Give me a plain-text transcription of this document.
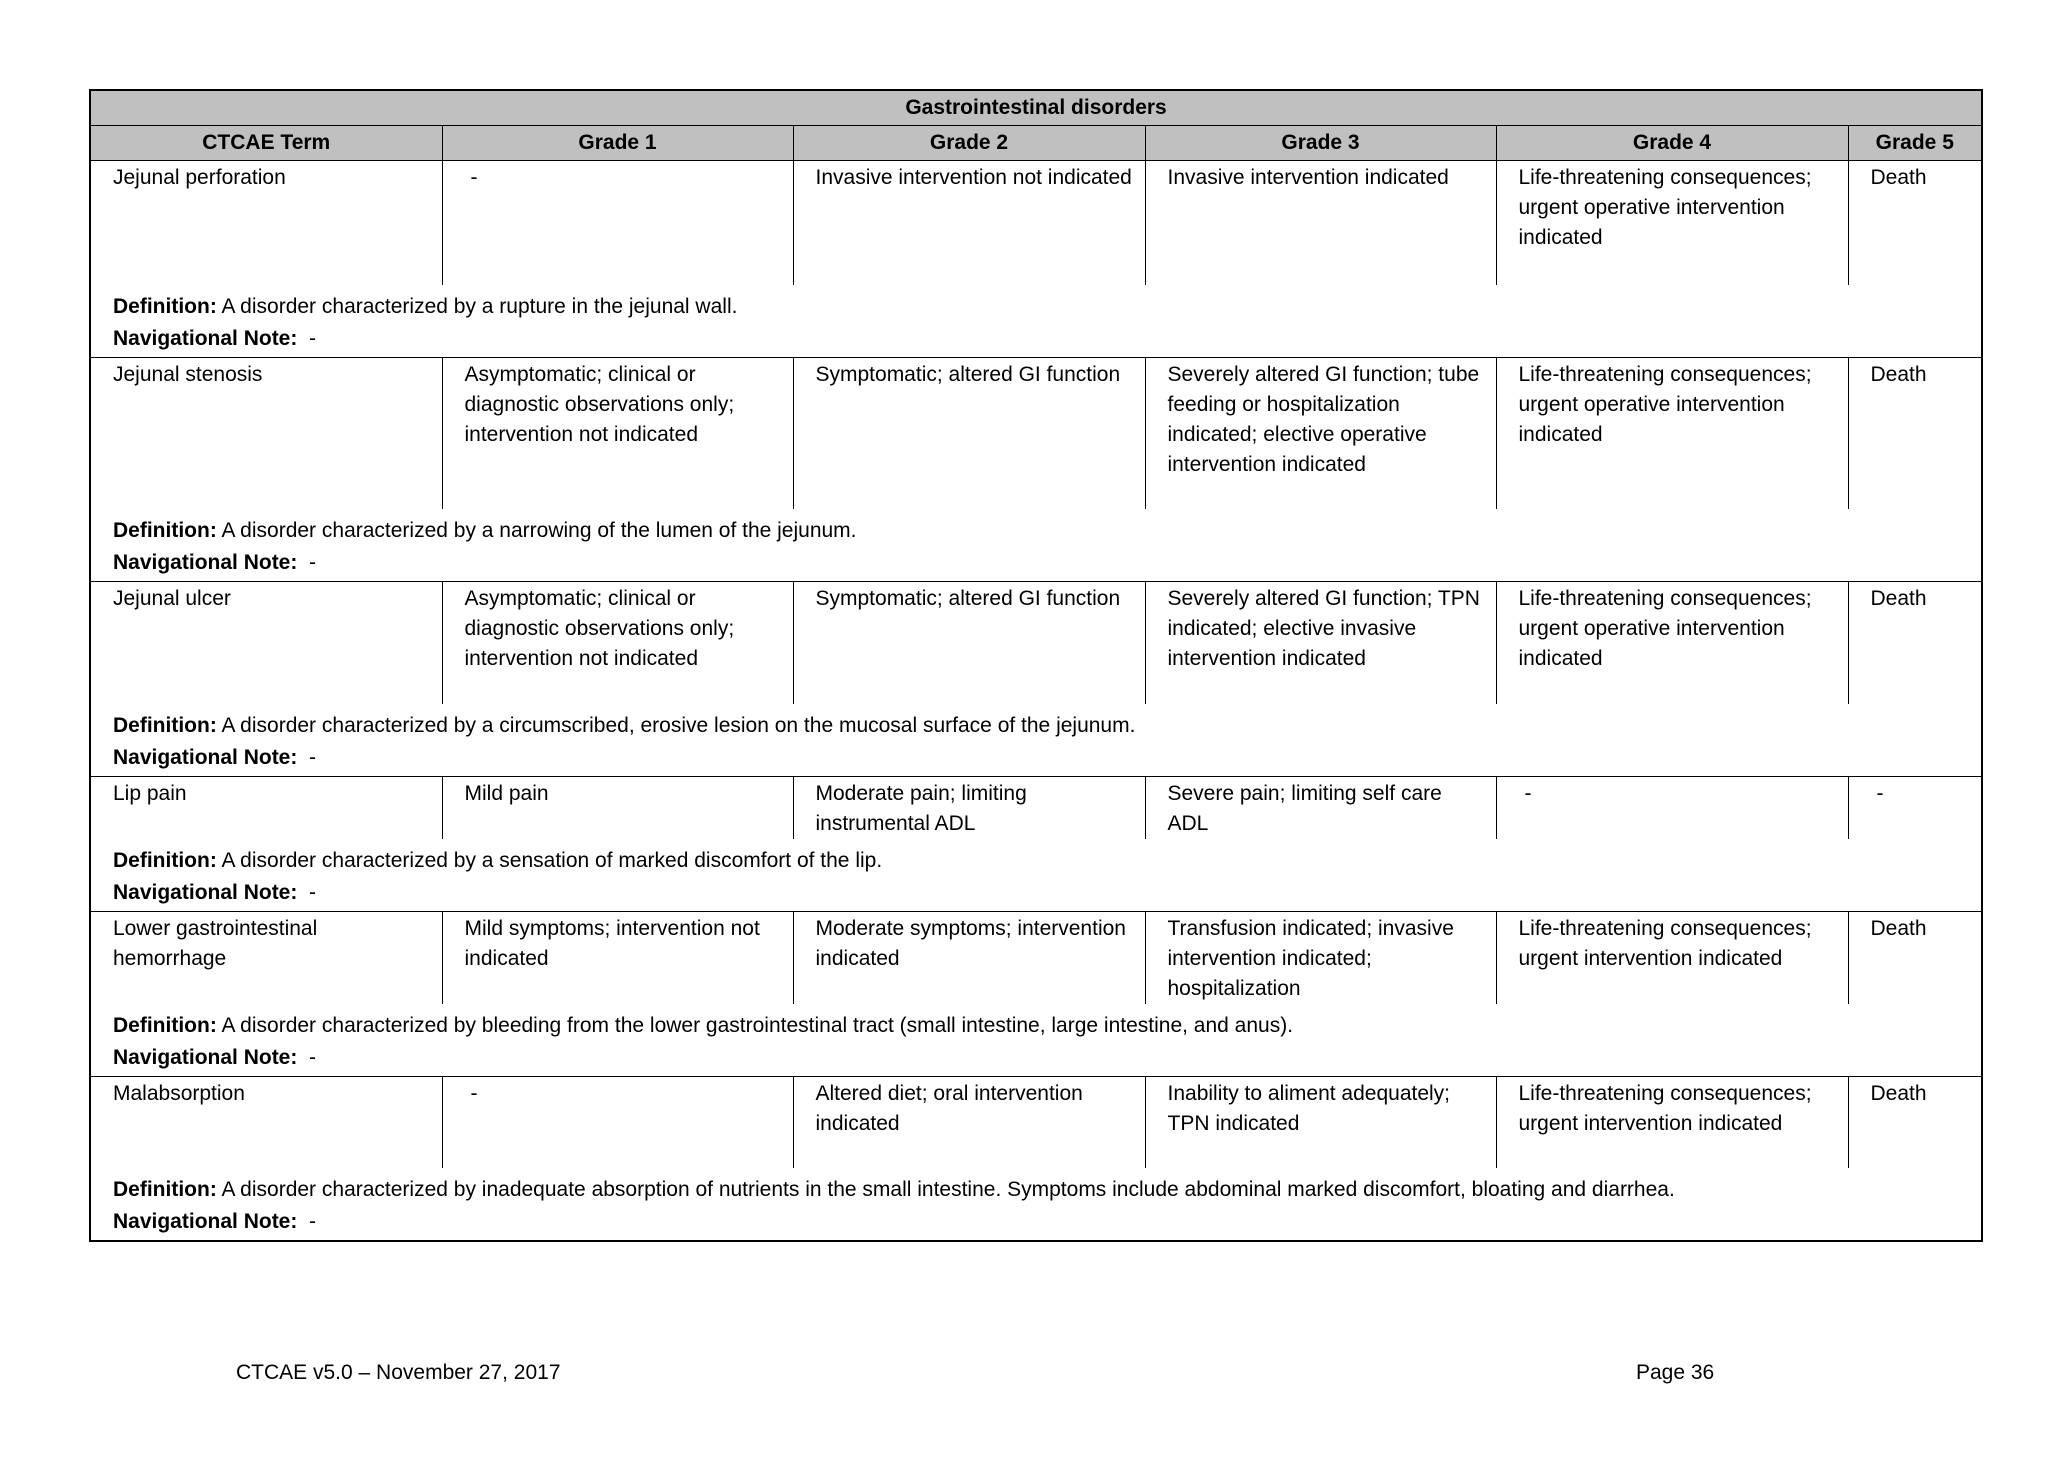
Gastrointestinal disorders					
CTCAE Term	Grade 1	Grade 2	Grade 3	Grade 4	Grade 5
Jejunal perforation	-	Invasive intervention not indicated	Invasive intervention indicated	Life-threatening consequences; urgent operative intervention indicated	Death

Definition: A disorder characterized by a rupture in the jejunal wall.
Navigational Note: -					

Jejunal stenosis	Asymptomatic; clinical or diagnostic observations only; intervention not indicated	Symptomatic; altered GI function	Severely altered GI function; tube feeding or hospitalization indicated; elective operative intervention indicated	Life-threatening consequences; urgent operative intervention indicated	Death

Definition: A disorder characterized by a narrowing of the lumen of the jejunum.
Navigational Note: -					

Jejunal ulcer	Asymptomatic; clinical or diagnostic observations only; intervention not indicated	Symptomatic; altered GI function	Severely altered GI function; TPN indicated; elective invasive intervention indicated	Life-threatening consequences; urgent operative intervention indicated	Death

Definition: A disorder characterized by a circumscribed, erosive lesion on the mucosal surface of the jejunum.
Navigational Note: -					

Lip pain	Mild pain	Moderate pain; limiting instrumental ADL	Severe pain; limiting self care ADL	-	-

Definition: A disorder characterized by a sensation of marked discomfort of the lip.
Navigational Note: -					

Lower gastrointestinal hemorrhage	Mild symptoms; intervention not indicated	Moderate symptoms; intervention indicated	Transfusion indicated; invasive intervention indicated; hospitalization	Life-threatening consequences; urgent intervention indicated	Death

Definition: A disorder characterized by bleeding from the lower gastrointestinal tract (small intestine, large intestine, and anus).
Navigational Note: -					

Malabsorption	-	Altered diet; oral intervention indicated	Inability to aliment adequately; TPN indicated	Life-threatening consequences; urgent intervention indicated	Death

Definition: A disorder characterized by inadequate absorption of nutrients in the small intestine. Symptoms include abdominal marked discomfort, bloating and diarrhea.
Navigational Note: -					
CTCAE v5.0 – November 27, 2017	Page 36
